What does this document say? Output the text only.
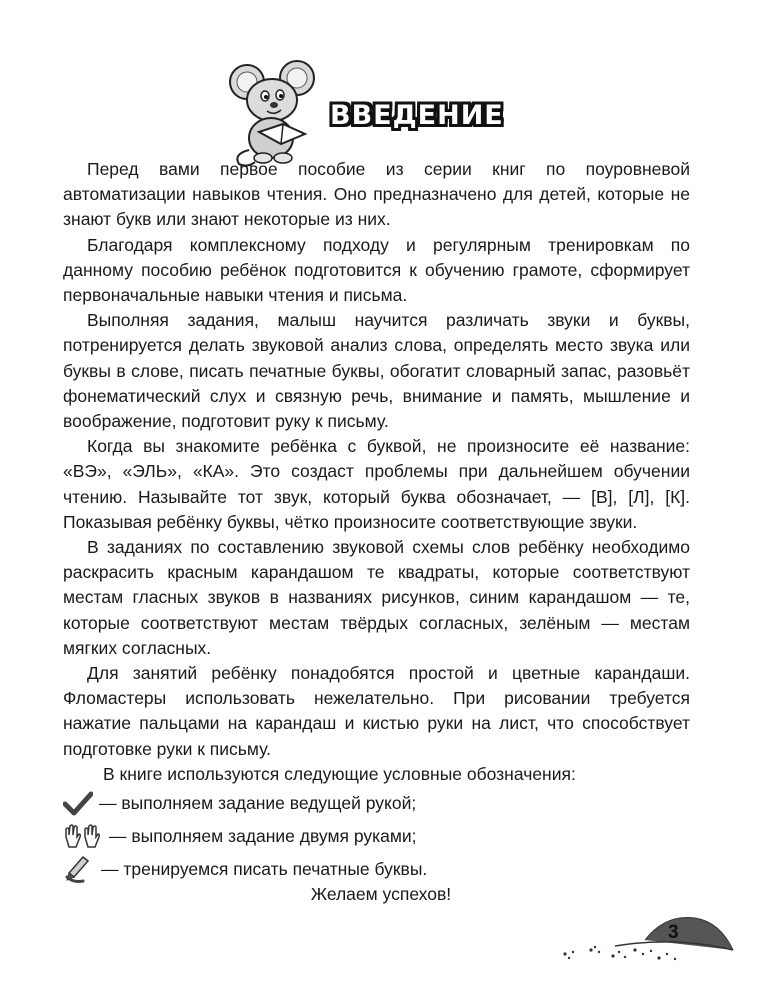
ВВЕДЕНИЕ

Перед вами первое пособие из серии книг по поуровневой автоматизации навыков чтения. Оно предназначено для детей, которые не знают букв или знают некоторые из них.

Благодаря комплексному подходу и регулярным тренировкам по данному пособию ребёнок подготовится к обучению грамоте, сформирует первоначальные навыки чтения и письма.

Выполняя задания, малыш научится различать звуки и буквы, потренируется делать звуковой анализ слова, определять место звука или буквы в слове, писать печатные буквы, обогатит словарный запас, разовьёт фонематический слух и связную речь, внимание и память, мышление и воображение, подготовит руку к письму.

Когда вы знакомите ребёнка с буквой, не произносите её название: «ВЭ», «ЭЛЬ», «КА». Это создаст проблемы при дальнейшем обучении чтению. Называйте тот звук, который буква обозначает, — [В], [Л], [К]. Показывая ребёнку буквы, чётко произносите соответствующие звуки.

В заданиях по составлению звуковой схемы слов ребёнку необходимо раскрасить красным карандашом те квадраты, которые соответствуют местам гласных звуков в названиях рисунков, синим карандашом — те, которые соответствуют местам твёрдых согласных, зелёным — местам мягких согласных.

Для занятий ребёнку понадобятся простой и цветные карандаши. Фломастеры использовать нежелательно. При рисовании требуется нажатие пальцами на карандаш и кистью руки на лист, что способствует подготовке руки к письму.

В книге используются следующие условные обозначения:
— выполняем задание ведущей рукой;
— выполняем задание двумя руками;
— тренируемся писать печатные буквы.
Желаем успехов!
3
